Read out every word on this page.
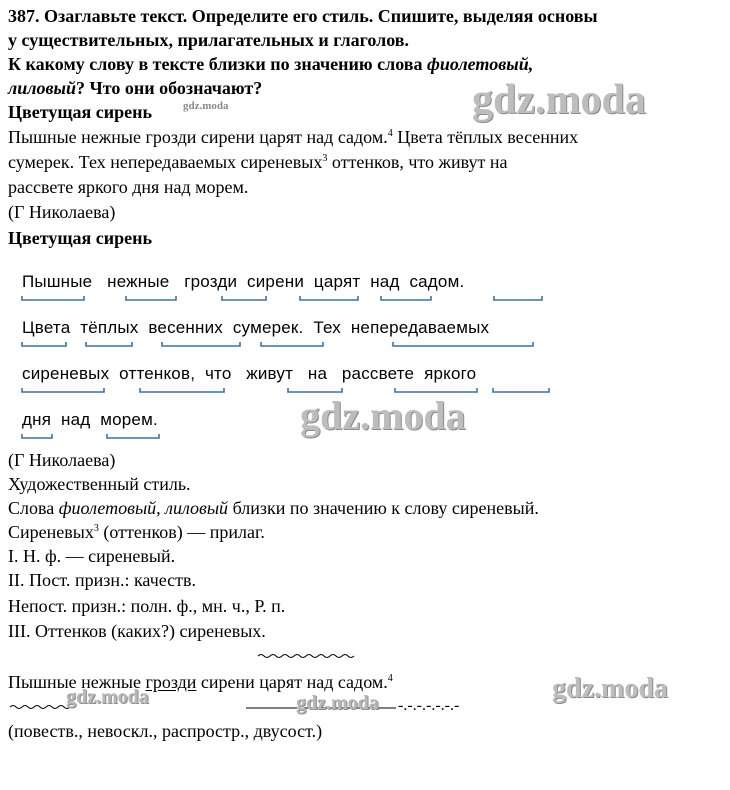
387. Озаглавьте текст. Определите его стиль. Спишите, выделяя основы
у существительных, прилагательных и глаголов.
К какому слову в тексте близки по значению слова фиолетовый,
лиловый? Что они обозначают?
Цветущая сирень	gdz.moda	gdz.moda
Пышные нежные грозди сирени царят над садом.$^4$ Цвета тёплых весенних
сумерек. Тех непередаваемых сиреневых$^3$ оттенков, что живут на
рассвете яркого дня над морем.
(Г Николаева)
Цветущая сирень
Пышные нежные грозди сирени царят над садом.
Цвета тёплых весенних сумерек. Тех непередаваемых
сиреневых оттенков, что живут на рассвете яркого
дня над морем.	gdz.moda
(Г Николаева)
Художественный стиль.
Слова фиолетовый, лиловый близки по значению к слову сиреневый.
Сиреневых$^3$ (оттенков) — прилаг.
I. Н. ф. — сиреневый.
II. Пост. призн.: качеств.
Непост. призн.: полн. ф., мн. ч., Р. п.
III. Оттенков (каких?) сиреневых.
Пышные нежные грозди сирени царят над садом.$^4$
-.-.-.-.-.-.-
gdz.moda	gdz.moda	gdz.moda
(повеств., невоскл., распростр., двусост.)
